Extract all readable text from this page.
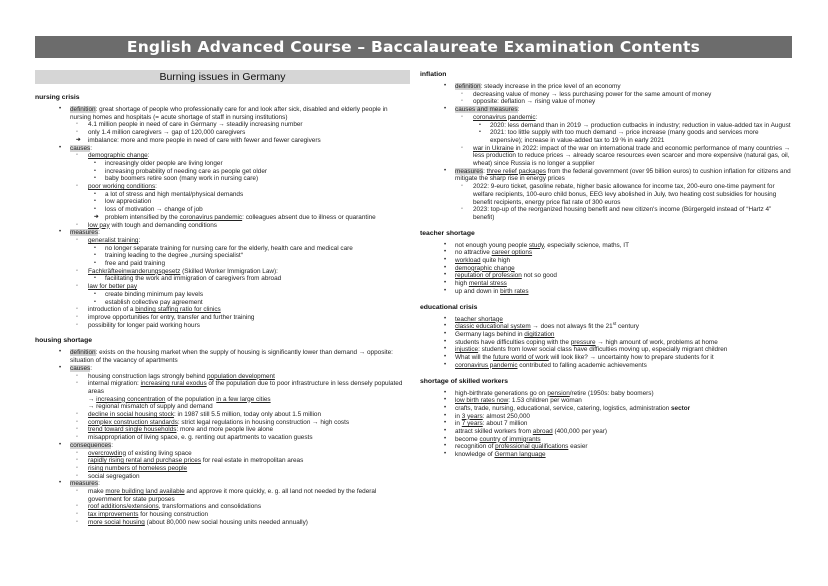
English Advanced Course – Baccalaureate Examination Contents
Burning issues in Germany
nursing crisis
• definition: great shortage of people who professionally care for and look after sick, disabled and elderly people in nursing homes and hospitals (= acute shortage of staff in nursing institutions)
◦ 4.1 million people in need of care in Germany → steadily increasing number
◦ only 1.4 million caregivers → gap of 120,000 caregivers
➔ imbalance: more and more people in need of care with fewer and fewer caregivers
• causes:
◦ demographic change:
• increasingly older people are living longer
• increasing probability of needing care as people get older
• baby boomers retire soon (many work in nursing care)
◦ poor working conditions:
• a lot of stress and high mental/physical demands
• low appreciation
• loss of motivation → change of job
➔ problem intensified by the coronavirus pandemic: colleagues absent due to illness or quarantine
◦ low pay with tough and demanding conditions
• measures:
◦ generalist training:
• no longer separate training for nursing care for the elderly, health care and medical care
• training leading to the degree „nursing specialist“
• free and paid training
◦ Fachkräfteeinwanderungsgesetz (Skilled Worker Immigration Law):
• facilitating the work and immigration of caregivers from abroad
◦ law for better pay
• create binding minimum pay levels
• establish collective pay agreement
◦ introduction of a binding staffing ratio for clinics
◦ improve opportunities for entry, transfer and further training
◦ possibility for longer paid working hours
housing shortage
• definition: exists on the housing market when the supply of housing is significantly lower than demand → opposite: situation of the vacancy of apartments
• causes:
◦ housing construction lags strongly behind population development
◦ internal migration: increasing rural exodus of the population due to poor infrastructure in less densely populated areas
→ increasing concentration of the population in a few large cities
→ regional mismatch of supply and demand
◦ decline in social housing stock: in 1987 still 5.5 million, today only about 1.5 million
◦ complex construction standards: strict legal regulations in housing construction → high costs
◦ trend toward single households: more and more people live alone
◦ misappropriation of living space, e. g. renting out apartments to vacation guests
• consequences:
◦ overcrowding of existing living space
◦ rapidly rising rental and purchase prices for real estate in metropolitan areas
◦ rising numbers of homeless people
◦ social segregation
• measures:
◦ make more building land available and approve it more quickly, e. g. all land not needed by the federal government for state purposes
◦ roof additions/extensions, transformations and consolidations
◦ tax improvements for housing construction
◦ more social housing (about 80,000 new social housing units needed annually)
inflation
• definition: steady increase in the price level of an economy
◦ decreasing value of money → less purchasing power for the same amount of money
◦ opposite: deflation → rising value of money
• causes and measures:
◦ coronavirus pandemic:
• 2020: less demand than in 2019 → production cutbacks in industry; reduction in value-added tax in August
• 2021: too little supply with too much demand → price increase (many goods and services more expensive); increase in value-added tax to 19 % in early 2021
◦ war in Ukraine in 2022: impact of the war on international trade and economic performance of many countries → less production to reduce prices → already scarce resources even scarcer and more expensive (natural gas, oil, wheat) since Russia is no longer a supplier
• measures: three relief packages from the federal government (over 95 billion euros) to cushion inflation for citizens and mitigate the sharp rise in energy prices
◦ 2022: 9-euro ticket, gasoline rebate, higher basic allowance for income tax, 200-euro one-time payment for welfare recipients, 100-euro child bonus, EEG levy abolished in July, two heating cost subsidies for housing benefit recipients, energy price flat rate of 300 euros
◦ 2023: top-up of the reorganized housing benefit and new citizen's income (Bürgergeld instead of “Hartz 4” benefit)
teacher shortage
• not enough young people study, especially science, maths, IT
• no attractive career options
• workload quite high
• demographic change
• reputation of profession not so good
• high mental stress
• up and down in birth rates
educational crisis
• teacher shortage
• classic educational system → does not always fit the 21st century
• Germany lags behind in digitization
• students have difficulties coping with the pressure → high amount of work, problems at home
• injustice: students from lower social class have difficulties moving up, especially migrant children
• What will the future world of work will look like? → uncertainty how to prepare students for it
• coronavirus pandemic contributed to falling academic achievements
shortage of skilled workers
• high-birthrate generations go on pension/retire (1950s: baby boomers)
• low birth rates now: 1.53 children per woman
• crafts, trade, nursing, educational, service, catering, logistics, administration sector
• in 3 years: almost 250,000
• in 7 years: about 7 million
• attract skilled workers from abroad (400,000 per year)
• become country of immigrants
• recognition of professional qualifications easier
• knowledge of German language
